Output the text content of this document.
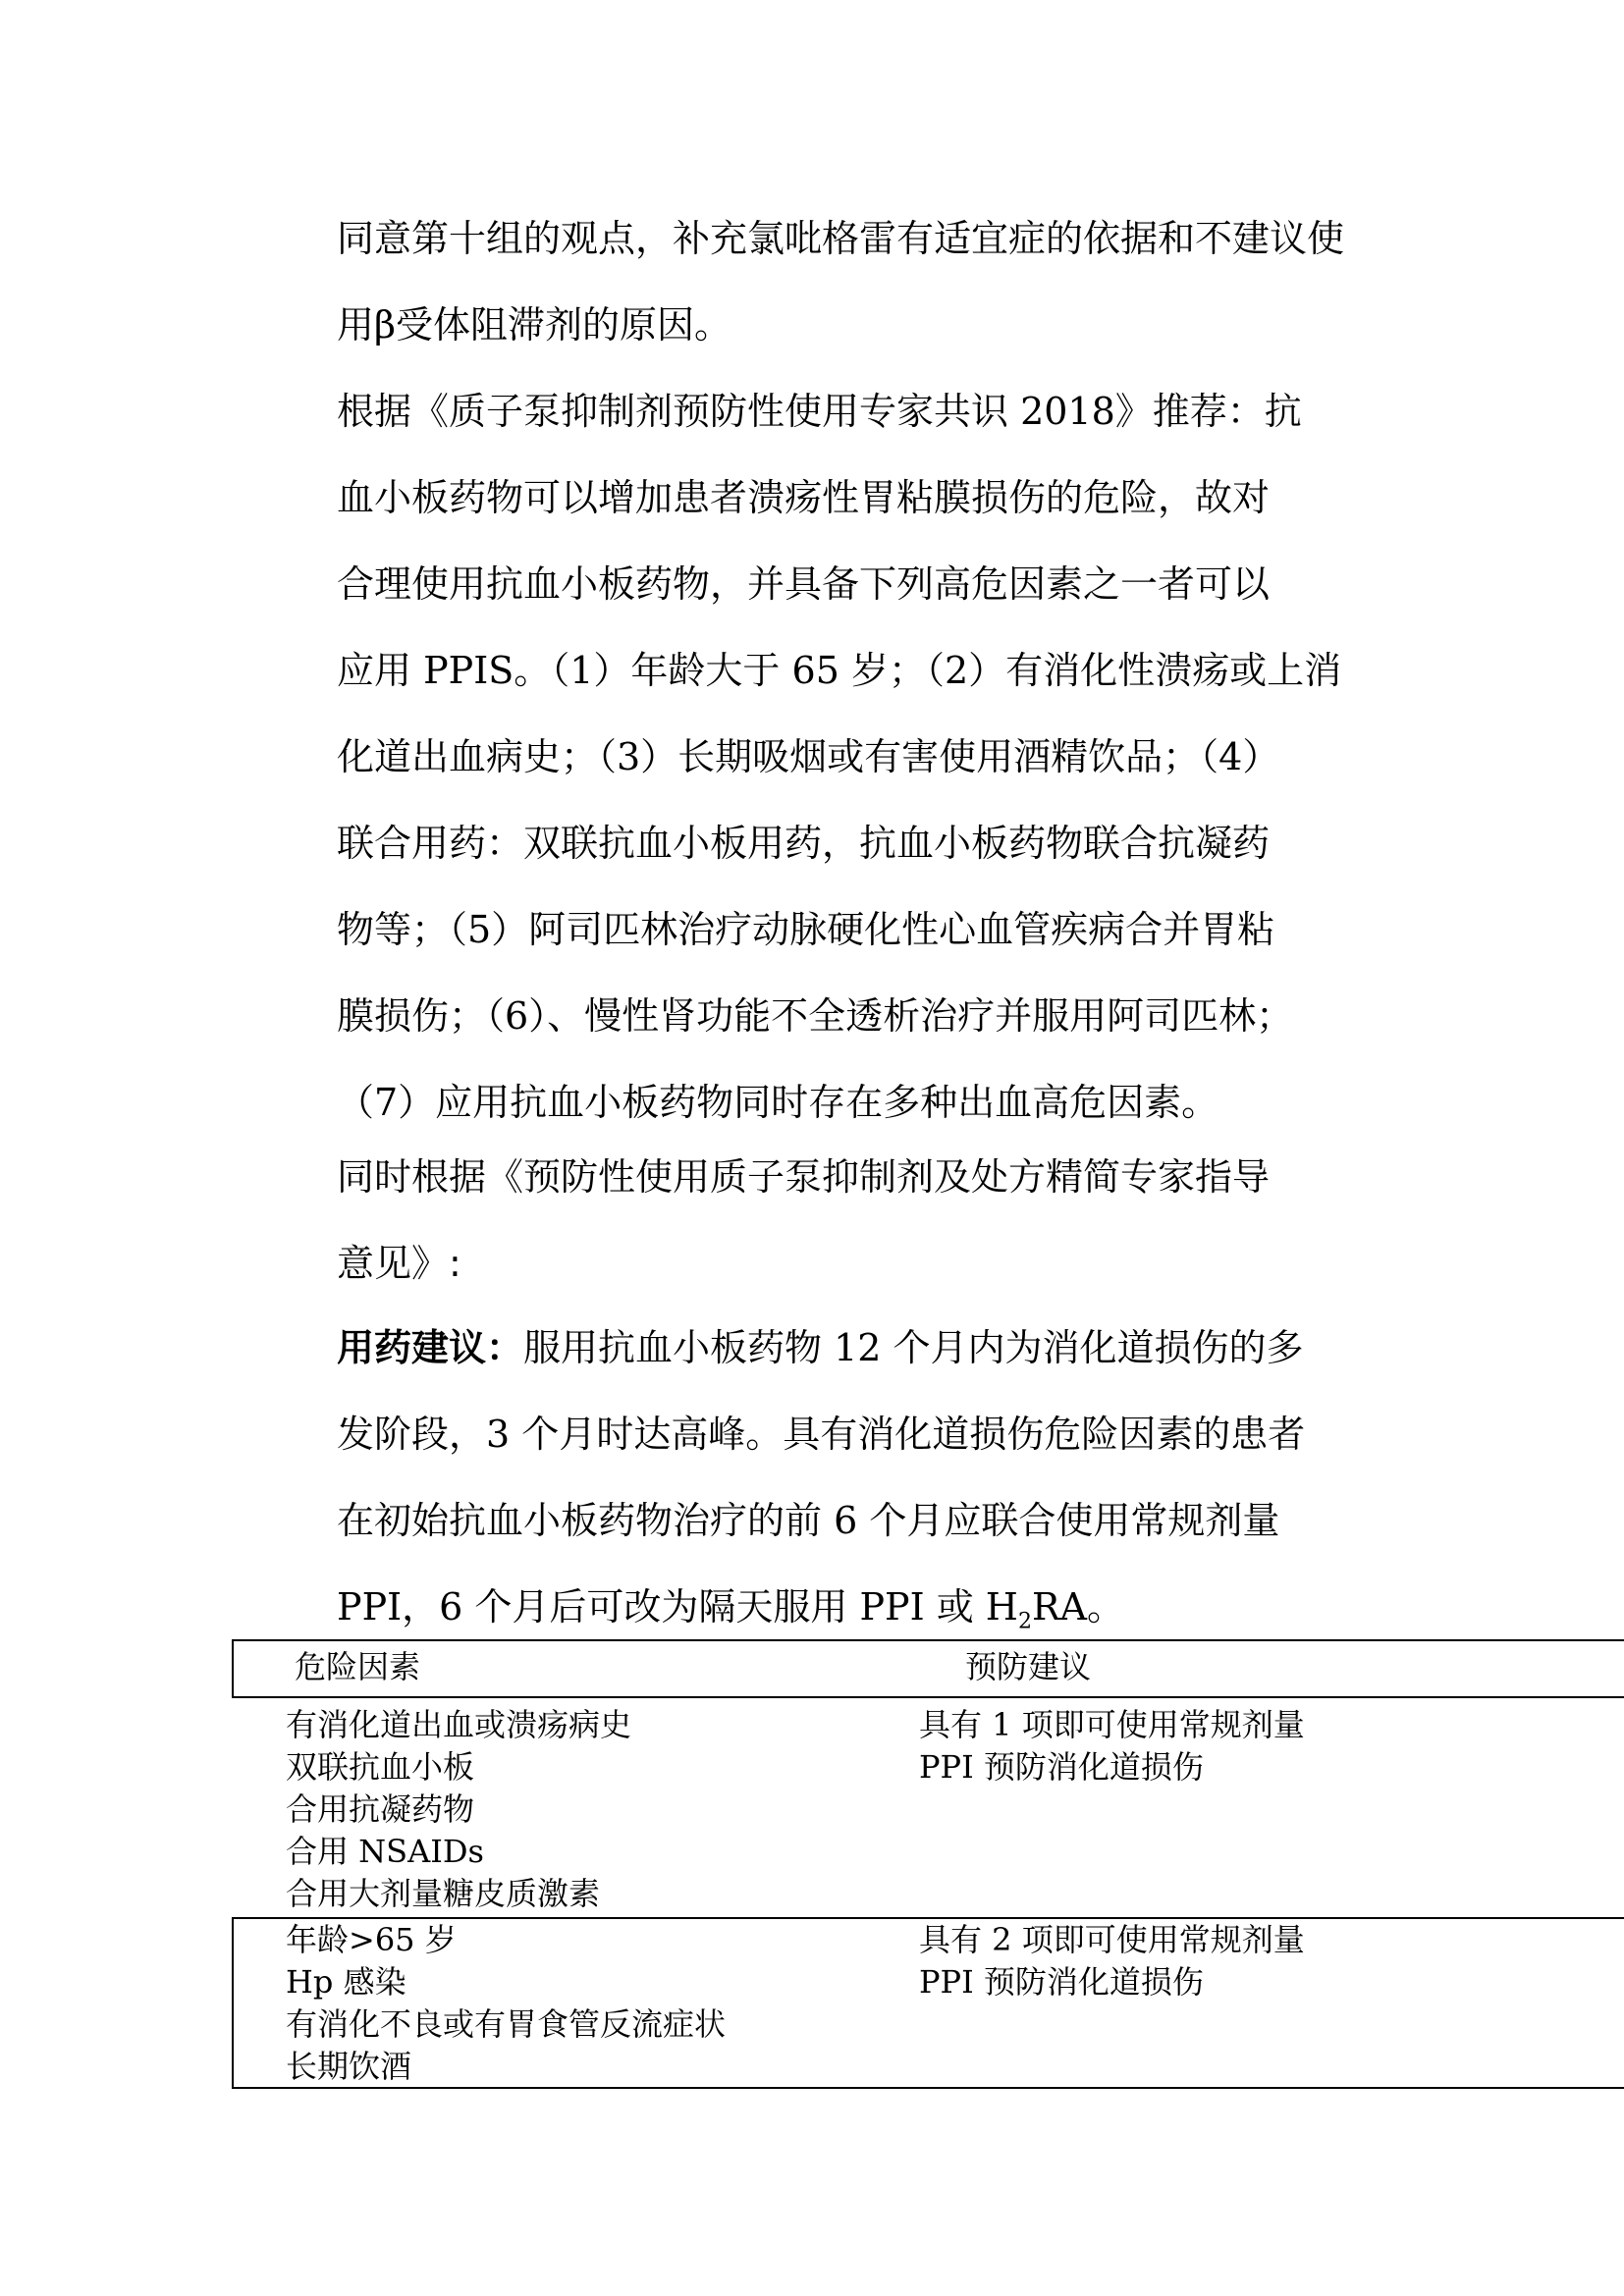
同意第十组的观点，补充氯吡格雷有适宜症的依据和不建议使
用β受体阻滞剂的原因。
根据《质子泵抑制剂预防性使用专家共识 2018》推荐：抗
血小板药物可以增加患者溃疡性胃粘膜损伤的危险，故对
合理使用抗血小板药物，并具备下列高危因素之一者可以
应用 PPIS。（1）年龄大于 65 岁；（2）有消化性溃疡或上消
化道出血病史；（3）长期吸烟或有害使用酒精饮品；（4）
联合用药：双联抗血小板用药，抗血小板药物联合抗凝药
物等；（5）阿司匹林治疗动脉硬化性心血管疾病合并胃粘
膜损伤；（6）、慢性肾功能不全透析治疗并服用阿司匹林；
（7）应用抗血小板药物同时存在多种出血高危因素。
同时根据《预防性使用质子泵抑制剂及处方精简专家指导
意见》:
用药建议：服用抗血小板药物 12 个月内为消化道损伤的多
发阶段，3 个月时达高峰。具有消化道损伤危险因素的患者
在初始抗血小板药物治疗的前 6 个月应联合使用常规剂量
PPI，6 个月后可改为隔天服用 PPI 或 $H_2RA$。
危险因素	预防建议
有消化道出血或溃疡病史
双联抗血小板
合用抗凝药物
合用 NSAIDs
合用大剂量糖皮质激素
具有 1 项即可使用常规剂量
PPI 预防消化道损伤
年龄>65 岁
Hp 感染
有消化不良或有胃食管反流症状
长期饮酒
具有 2 项即可使用常规剂量
PPI 预防消化道损伤
